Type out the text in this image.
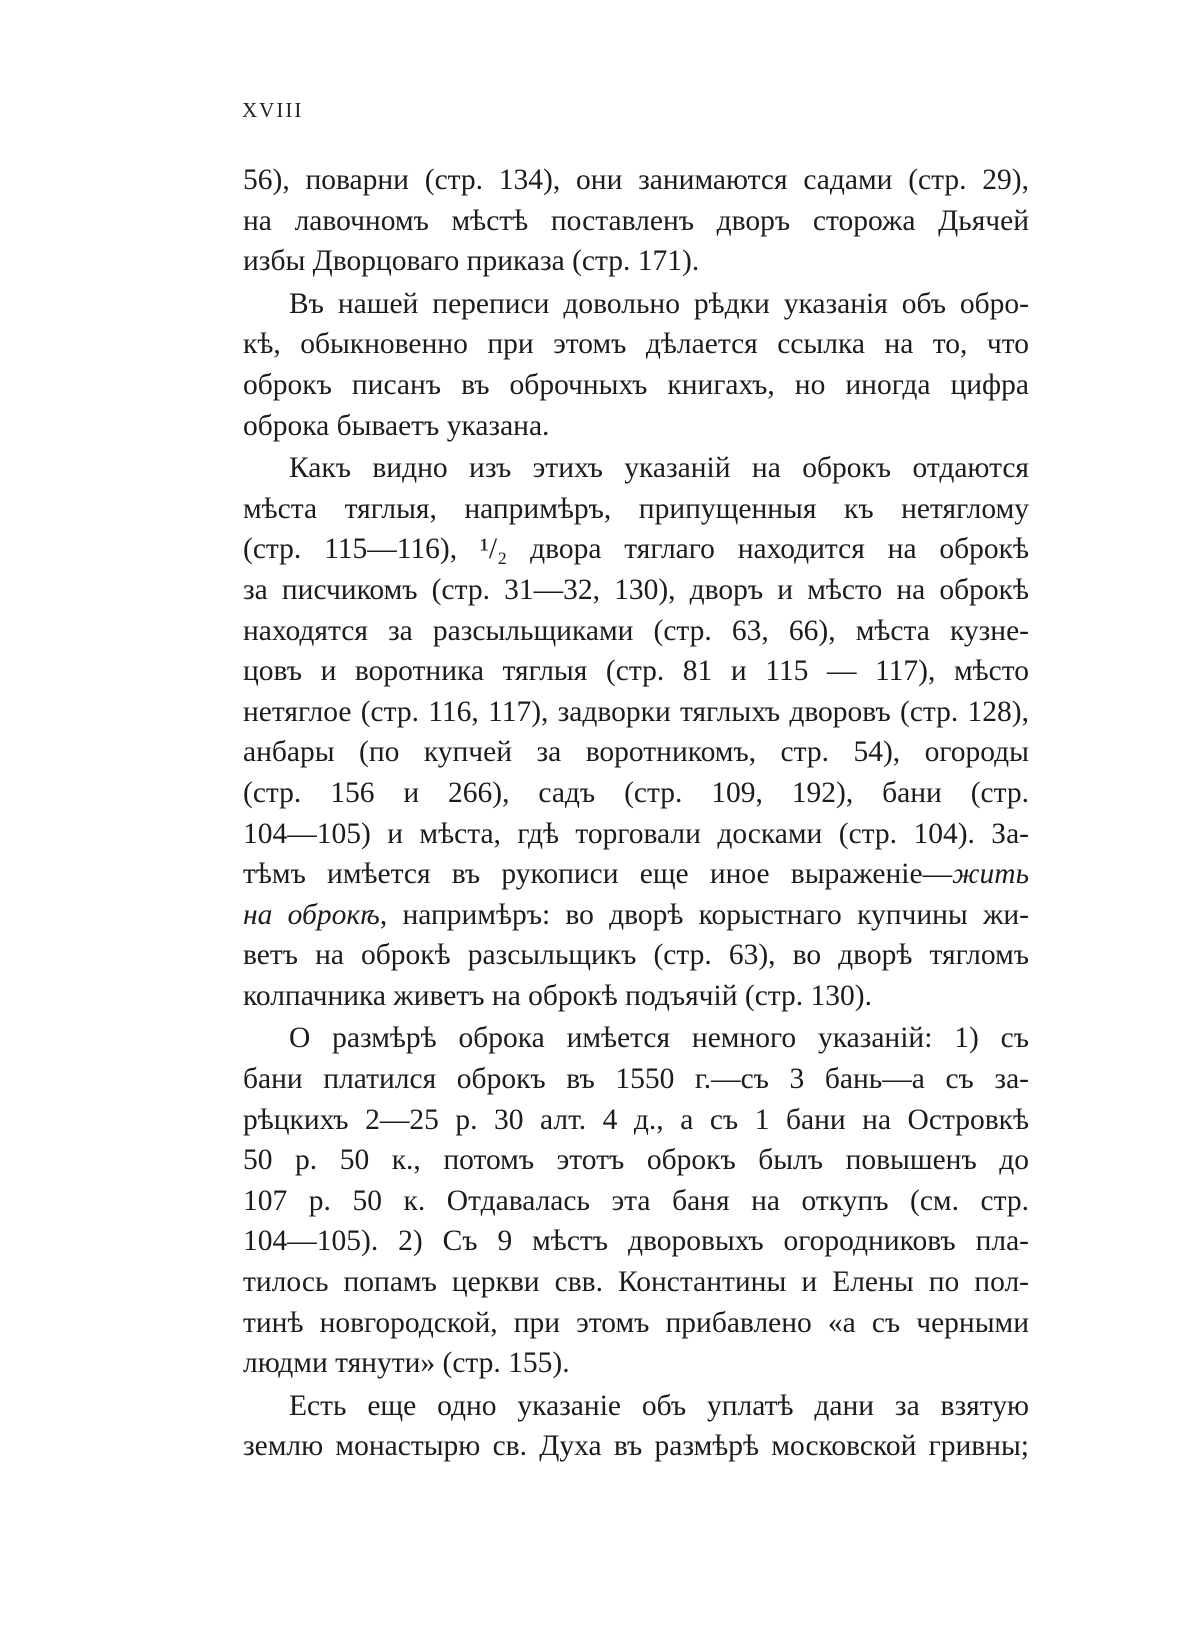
XVIII
56), поварни (стр. 134), они занимаются садами (стр. 29),
на лавочномъ мѣстѣ поставленъ дворъ сторожа Дьячей
избы Дворцоваго приказа (стр. 171).
Въ нашей переписи довольно рѣдки указанія объ обро-
кѣ, обыкновенно при этомъ дѣлается ссылка на то, что
оброкъ писанъ въ оброчныхъ книгахъ, но иногда цифра
оброка бываетъ указана.
Какъ видно изъ этихъ указаній на оброкъ отдаются
мѣста тяглыя, напримѣръ, припущенныя къ нетяглому
(стр. 115—116), ¹/₂ двора тяглаго находится на оброкѣ
за писчикомъ (стр. 31—32, 130), дворъ и мѣсто на оброкѣ
находятся за разсыльщиками (стр. 63, 66), мѣста кузне-
цовъ и воротника тяглыя (стр. 81 и 115 — 117), мѣсто
нетяглое (стр. 116, 117), задворки тяглыхъ дворовъ (стр. 128),
анбары (по купчей за воротникомъ, стр. 54), огороды
(стр. 156 и 266), садъ (стр. 109, 192), бани (стр.
104—105) и мѣста, гдѣ торговали досками (стр. 104). За-
тѣмъ имѣется въ рукописи еще иное выраженіе—жить
на оброкѣ, напримѣръ: во дворѣ корыстнаго купчины жи-
ветъ на оброкѣ разсыльщикъ (стр. 63), во дворѣ тягломъ
колпачника живетъ на оброкѣ подъячій (стр. 130).
О размѣрѣ оброка имѣется немного указаній: 1) съ
бани платился оброкъ въ 1550 г.—съ 3 бань—а съ за-
рѣцкихъ 2—25 р. 30 алт. 4 д., а съ 1 бани на Островкѣ
50 р. 50 к., потомъ этотъ оброкъ былъ повышенъ до
107 р. 50 к. Отдавалась эта баня на откупъ (см. стр.
104—105). 2) Съ 9 мѣстъ дворовыхъ огородниковъ пла-
тилось попамъ церкви свв. Константины и Елены по пол-
тинѣ новгородской, при этомъ прибавлено «а съ черными
людми тянути» (стр. 155).
Есть еще одно указаніе объ уплатѣ дани за взятую
землю монастырю св. Духа въ размѣрѣ московской гривны;
